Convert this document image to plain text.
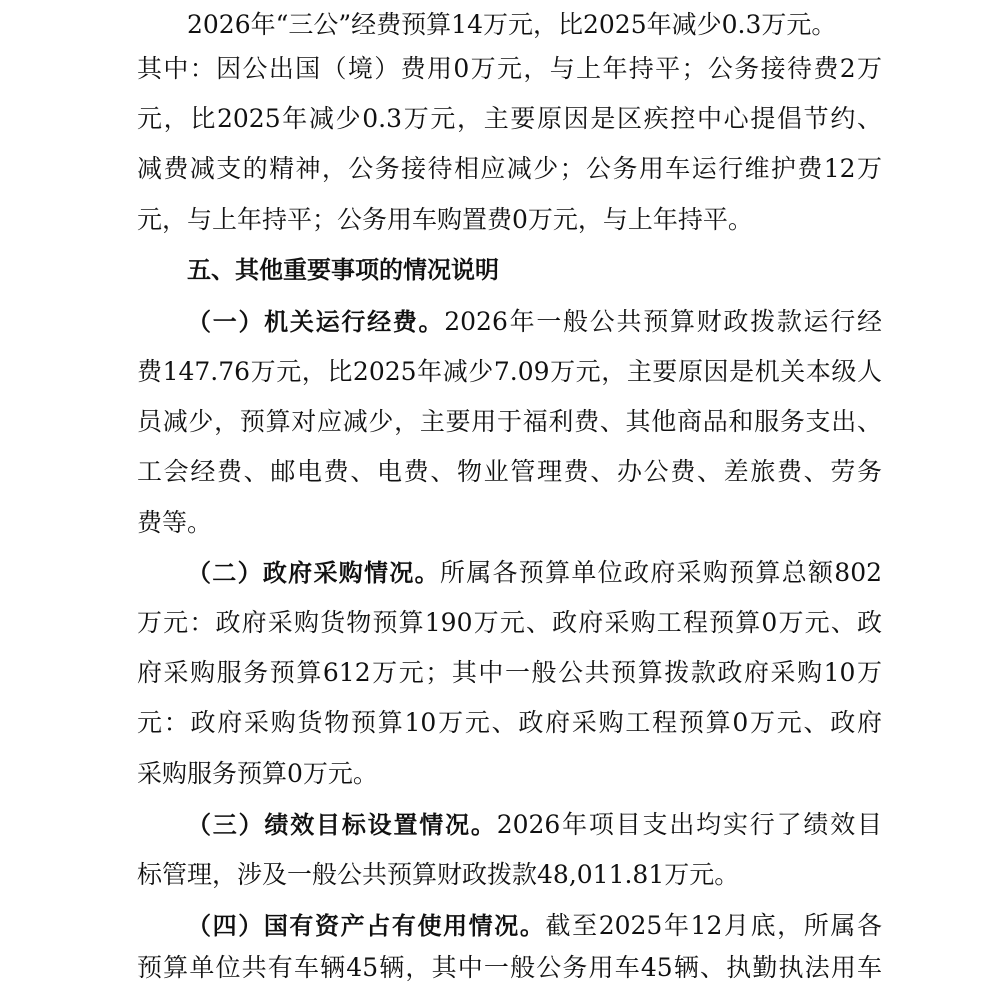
2026年“三公”经费预算14万元，比2025年减少0.3万元。
其中：因公出国（境）费用0万元，与上年持平；公务接待费2万
元，比2025年减少0.3万元，主要原因是区疾控中心提倡节约、
减费减支的精神，公务接待相应减少；公务用车运行维护费12万
元，与上年持平；公务用车购置费0万元，与上年持平。
五、其他重要事项的情况说明
（一）机关运行经费。2026年一般公共预算财政拨款运行经
费147.76万元，比2025年减少7.09万元，主要原因是机关本级人
员减少，预算对应减少，主要用于福利费、其他商品和服务支出、
工会经费、邮电费、电费、物业管理费、办公费、差旅费、劳务
费等。
（二）政府采购情况。所属各预算单位政府采购预算总额802
万元：政府采购货物预算190万元、政府采购工程预算0万元、政
府采购服务预算612万元；其中一般公共预算拨款政府采购10万
元：政府采购货物预算10万元、政府采购工程预算0万元、政府
采购服务预算0万元。
（三）绩效目标设置情况。2026年项目支出均实行了绩效目
标管理，涉及一般公共预算财政拨款48,011.81万元。
（四）国有资产占有使用情况。截至2025年12月底，所属各
预算单位共有车辆45辆，其中一般公务用车45辆、执勤执法用车
